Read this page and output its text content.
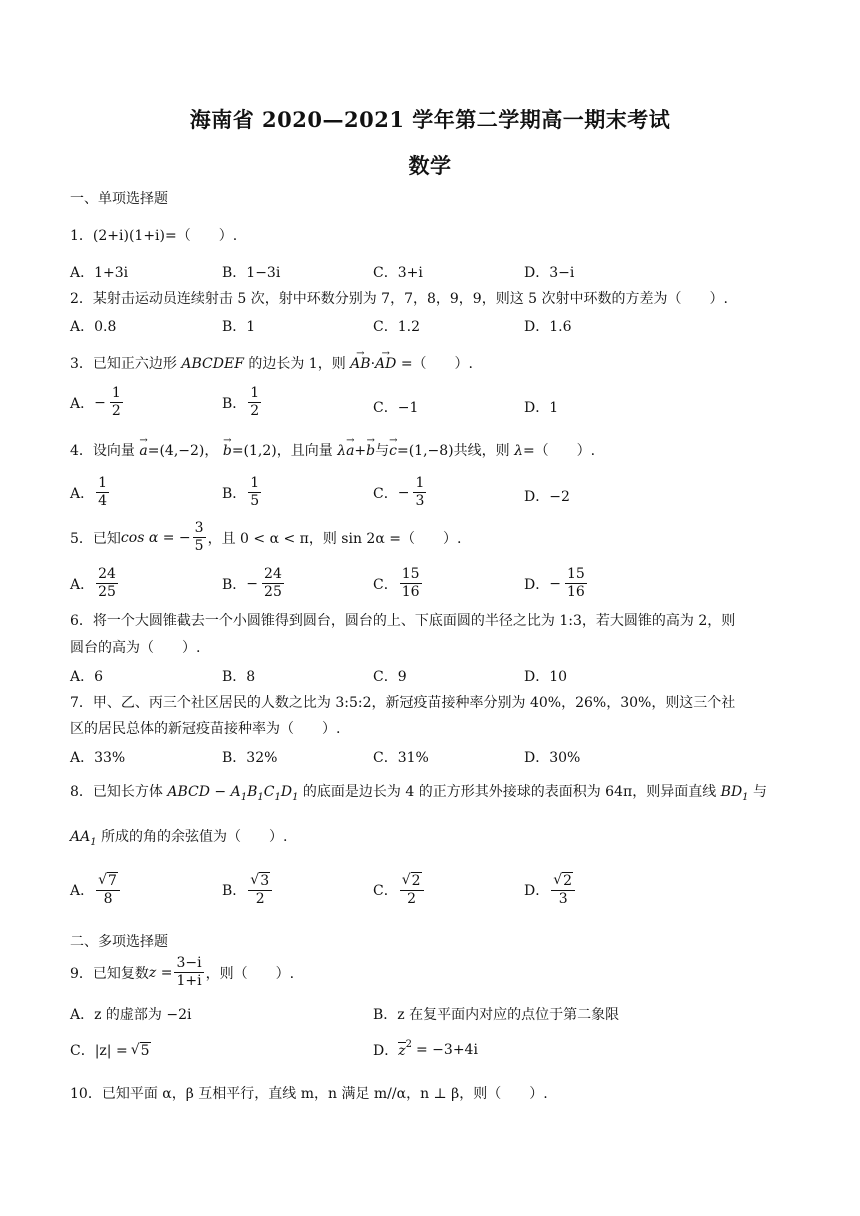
海南省 2020—2021 学年第二学期高一期末考试
数学
一、单项选择题
1．(2+i)(1+i)=（　　）.
A．1+3i	B．1−3i	C．3+i	D．3−i
2．某射击运动员连续射击 5 次，射中环数分别为 7，7，8，9，9，则这 5 次射中环数的方差为（　　）.
A．0.8	B．1	C．1.2	D．1.6
3．已知正六边形 ABCDEF 的边长为 1，则
→
AB·
→
AD =（　　）.
A． − $\frac{1}{2}$	B． $\frac{1}{2}$	C．−1	D．1
4．设向量
→
a=(4,−2)，
→
b=(1,2)，且向量 λ
→
a+
→
b与
→
c=(1,−8)共线，则 λ=（　　）.
A． $\frac{1}{4}$	B． $\frac{1}{5}$	C． − $\frac{1}{3}$	D．−2
5．已知 cos α = − $\frac{3}{5}$ ，且 0 < α < π，则 sin 2α =（　　）.
A． $\frac{24}{25}$	B． − $\frac{24}{25}$	C． $\frac{15}{16}$	D． − $\frac{15}{16}$
6．将一个大圆锥截去一个小圆锥得到圆台，圆台的上、下底面圆的半径之比为 1:3，若大圆锥的高为 2，则
圆台的高为（　　）.
A．6	B．8	C．9	D．10
7．甲、乙、丙三个社区居民的人数之比为 3:5:2，新冠疫苗接种率分别为 40%，26%，30%，则这三个社
区的居民总体的新冠疫苗接种率为（　　）.
A．33%	B．32%	C．31%	D．30%
8．已知长方体 ABCD − $A_1B_1C_1D_1$ 的底面是边长为 4 的正方形其外接球的表面积为 64π，则异面直线 $BD_1$ 与
$AA_1$ 所成的角的余弦值为（　　）.
A． $\frac{√ 7}{8}$	B． $\frac{√ 3}{2}$	C． $\frac{√ 2}{2}$	D． $\frac{√ 2}{3}$
二、多项选择题
9．已知复数 $z = \frac{3-i}{1+i}$ ，则（　　）.
A．z 的虚部为 −2i	B．z 在复平面内对应的点位于第二象限
C．|z| = √ 5	D． $z^2 = -3+4i$
10．已知平面 α，β 互相平行，直线 m，n 满足 m//α，n ⊥ β，则（　　）.
